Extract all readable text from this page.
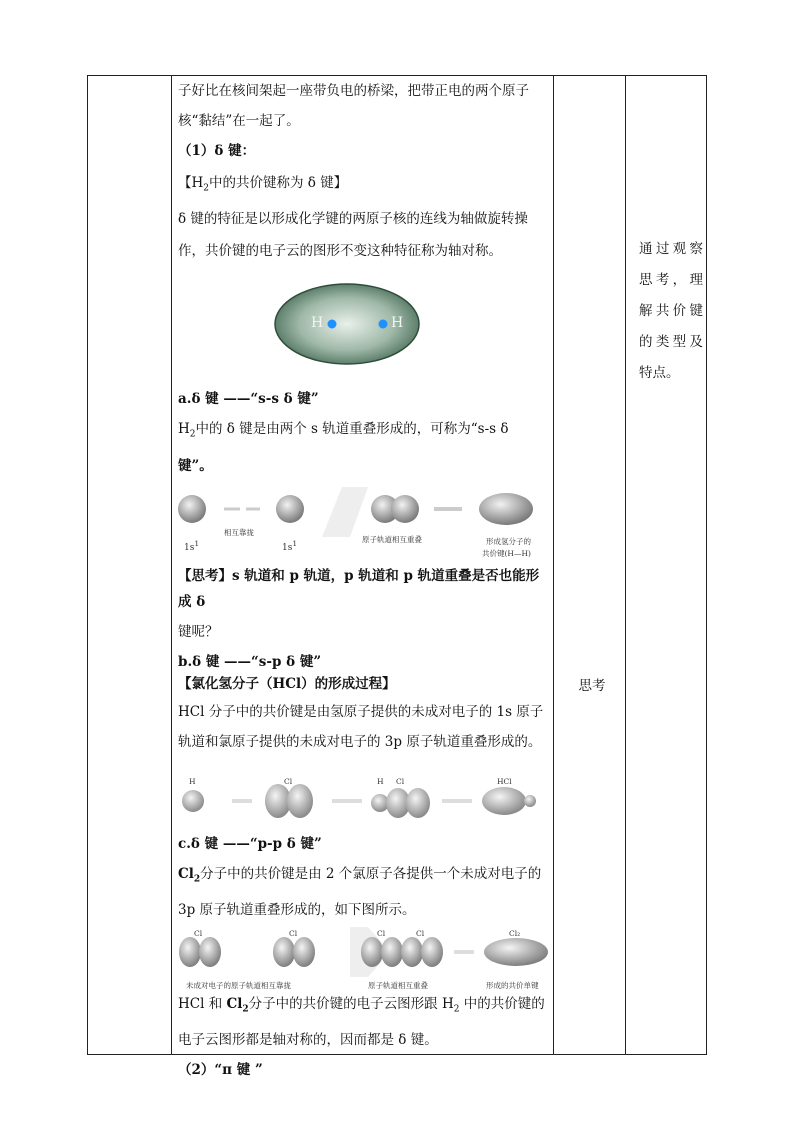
子好比在核间架起一座带负电的桥梁，把带正电的两个原子

核“黏结”在一起了。

（1）δ 键：

【$H_2$中的共价键称为 δ 键】

δ 键的特征是以形成化学键的两原子核的连线为轴做旋转操

作，共价键的电子云的图形不变这种特征称为轴对称。

H	H

a.δ 键 ——“s-s δ 键”

$H_2$中的 δ 键是由两个 s 轨道重叠形成的，可称为“s-s δ

键”。

$1s^1$
相互靠拢
$1s^1$	原子轨道相互重叠	形成氢分子的
共价键(H—H)

【思考】s 轨道和 p 轨道，p 轨道和 p 轨道重叠是否也能形成 δ

键呢？

b.δ 键 ——“s-p δ 键”

【氯化氢分子（HCl）的形成过程】

HCl 分子中的共价键是由氢原子提供的未成对电子的 1s 原子

轨道和氯原子提供的未成对电子的 3p 原子轨道重叠形成的。

H	Cl	H Cl	HCl

c.δ 键 ——“p-p δ 键”

$Cl_2$分子中的共价键是由 2 个氯原子各提供一个未成对电子的

3p 原子轨道重叠形成的，如下图所示。

Cl	Cl	Cl	Cl	Cl₂
未成对电子的原子轨道相互靠拢	原子轨道相互重叠	形成的共价单键

HCl 和 $Cl_2$分子中的共价键的电子云图形跟 $H_2$ 中的共价键的

电子云图形都是轴对称的，因而都是 δ 键。

（2）“π 键 ”

思考
通过观察思考，理解共价键的类型及特点。
